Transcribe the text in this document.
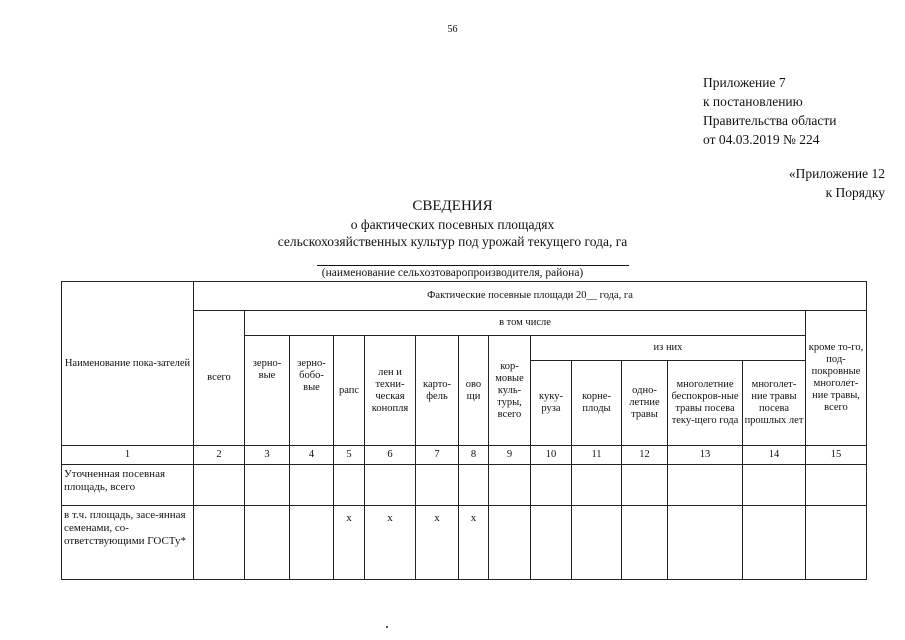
56
Приложение 7
к постановлению
Правительства области
от 04.03.2019 № 224
«Приложение 12
к Порядку
СВЕДЕНИЯ
о фактических посевных площадях
сельскохозяйственных культур под урожай текущего года, га
(наименование сельхозтоваропроизводителя, района)
Наименование пока-зателей	Фактические посевные площади 20__ года, га													
	всего	в том числе												кроме то-го, под-покровные многолет-ние травы, всего
		зерно-вые	зерно-бобо-вые	рапс	лен и техни-ческая конопля	карто-фель	ово щи	кор-мовые куль-туры, всего	из них					
									куку-руза	корне-плоды	одно-летние травы	многолетние беспокров-ные травы посева теку-щего года	многолет-ние травы посева прошлых лет	
1	2	3	4	5	6	7	8	9	10	11	12	13	14	15
Уточненная посевная площадь, всего														
в т.ч. площадь, засе-янная семенами, со-ответствующими ГОСТу*				х	х	х	х							
